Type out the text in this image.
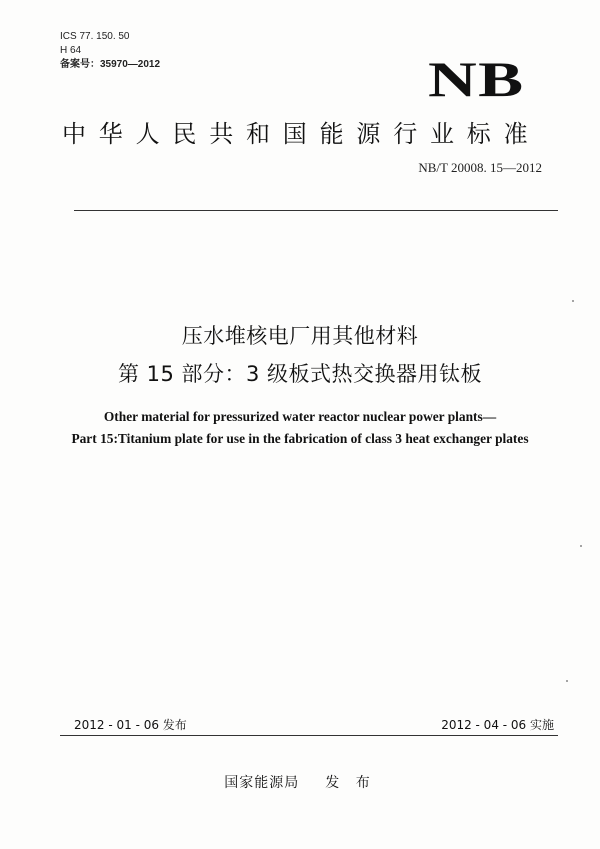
ICS 77. 150. 50
H 64
备案号：35970—2012	NB
中华人民共和国能源行业标准
NB/T 20008. 15—2012
压水堆核电厂用其他材料
第 15 部分：3 级板式热交换器用钛板
Other material for pressurized water reactor nuclear power plants—
Part 15:Titanium plate for use in the fabrication of class 3 heat exchanger plates
2012 - 01 - 06 发布	2012 - 04 - 06 实施
国家能源局 发 布
